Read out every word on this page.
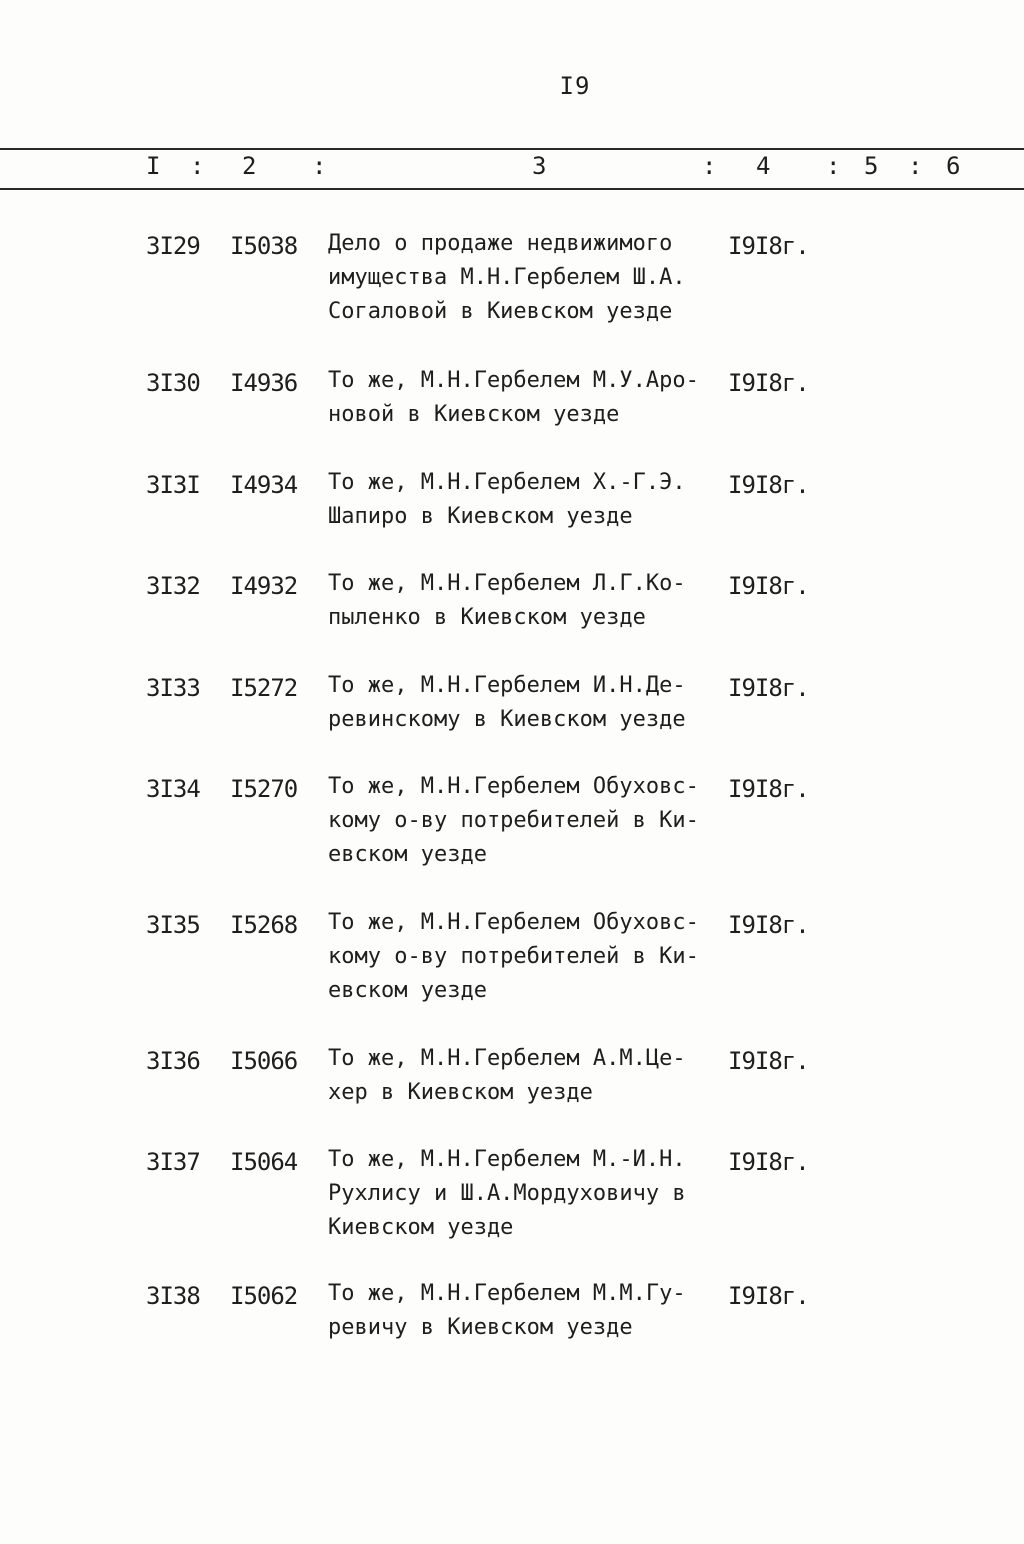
I9
I : 2 :	3	: 4 : 5 : 6
3I29	I5038	Дело о продаже недвижимого
имущества М.Н.Гербелем Ш.А.
Согаловой в Киевском уезде
I9I8г.
3I30	I4936	То же, М.Н.Гербелем М.У.Аро-
новой в Киевском уезде
I9I8г.
3I3I	I4934	То же, М.Н.Гербелем Х.-Г.Э.
Шапиро в Киевском уезде
I9I8г.
3I32	I4932	То же, М.Н.Гербелем Л.Г.Ко-
пыленко в Киевском уезде
I9I8г.
3I33	I5272	То же, М.Н.Гербелем И.Н.Де-
ревинскому в Киевском уезде
I9I8г.
3I34	I5270	То же, М.Н.Гербелем Обуховс-
кому о-ву потребителей в Ки-
евском уезде
I9I8г.
3I35	I5268	То же, М.Н.Гербелем Обуховс-
кому о-ву потребителей в Ки-
евском уезде
I9I8г.
3I36	I5066	То же, М.Н.Гербелем А.М.Це-
хер в Киевском уезде
I9I8г.
3I37	I5064	То же, М.Н.Гербелем М.-И.Н.
Рухлису и Ш.А.Мордуховичу в
Киевском уезде
I9I8г.
3I38	I5062	То же, М.Н.Гербелем М.М.Гу-
ревичу в Киевском уезде
I9I8г.
